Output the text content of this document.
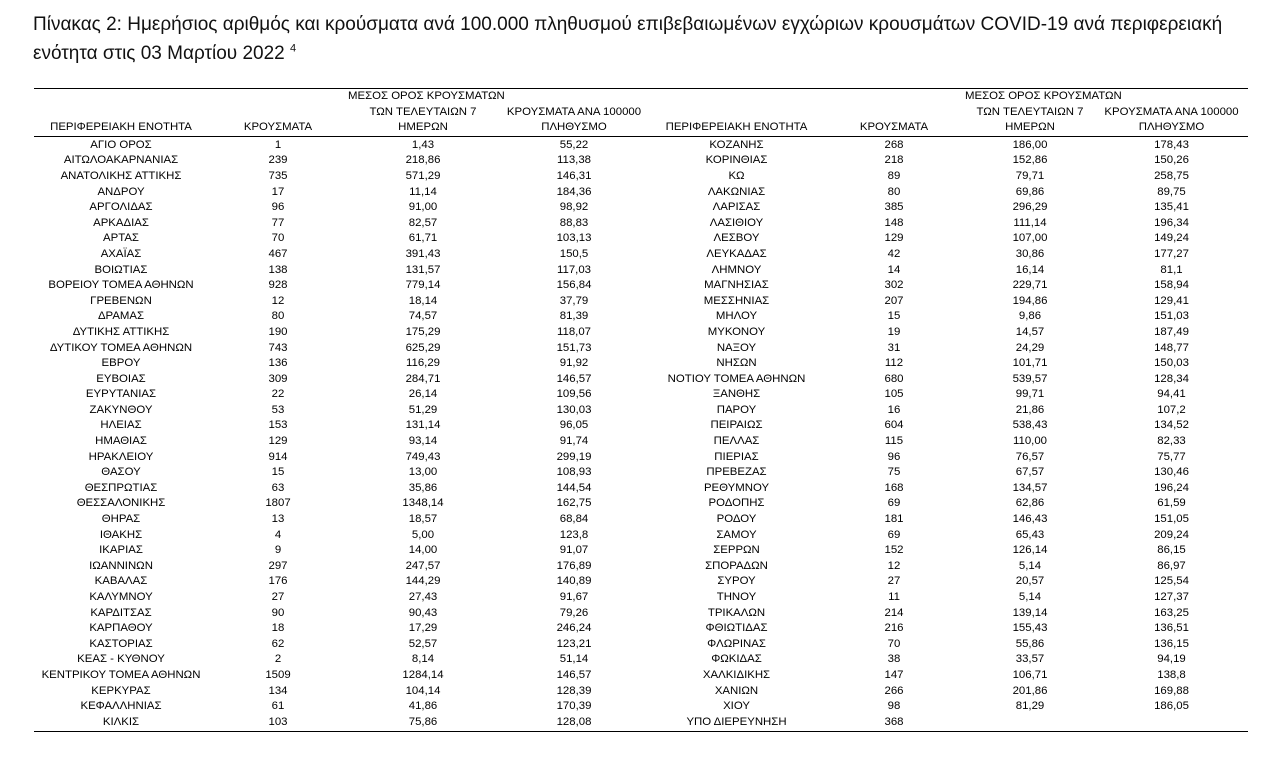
Πίνακας 2: Ημερήσιος αριθμός και κρούσματα ανά 100.000 πληθυσμού επιβεβαιωμένων εγχώριων κρουσμάτων COVID-19 ανά περιφερειακή ενότητα στις 03 Μαρτίου 2022 $^4$
		ΜΕΣΟΣ ΟΡΟΣ ΚΡΟΥΣΜΑΤΩΝ	
		ΤΩΝ ΤΕΛΕΥΤΑΙΩΝ 7	ΚΡΟΥΣΜΑΤΑ ΑΝΑ 100000
ΠΕΡΙΦΕΡΕΙΑΚΗ ΕΝΟΤΗΤΑ	ΚΡΟΥΣΜΑΤΑ	ΗΜΕΡΩΝ	ΠΛΗΘΥΣΜΟ
ΑΓΙΟ ΟΡΟΣ	1	1,43	55,22
ΑΙΤΩΛΟΑΚΑΡΝΑΝΙΑΣ	239	218,86	113,38
ΑΝΑΤΟΛΙΚΗΣ ΑΤΤΙΚΗΣ	735	571,29	146,31
ΑΝΔΡΟΥ	17	11,14	184,36
ΑΡΓΟΛΙΔΑΣ	96	91,00	98,92
ΑΡΚΑΔΙΑΣ	77	82,57	88,83
ΑΡΤΑΣ	70	61,71	103,13
ΑΧΑΪΑΣ	467	391,43	150,5
ΒΟΙΩΤΙΑΣ	138	131,57	117,03
ΒΟΡΕΙΟΥ ΤΟΜΕΑ ΑΘΗΝΩΝ	928	779,14	156,84
ΓΡΕΒΕΝΩΝ	12	18,14	37,79
ΔΡΑΜΑΣ	80	74,57	81,39
ΔΥΤΙΚΗΣ ΑΤΤΙΚΗΣ	190	175,29	118,07
ΔΥΤΙΚΟΥ ΤΟΜΕΑ ΑΘΗΝΩΝ	743	625,29	151,73
ΕΒΡΟΥ	136	116,29	91,92
ΕΥΒΟΙΑΣ	309	284,71	146,57
ΕΥΡΥΤΑΝΙΑΣ	22	26,14	109,56
ΖΑΚΥΝΘΟΥ	53	51,29	130,03
ΗΛΕΙΑΣ	153	131,14	96,05
ΗΜΑΘΙΑΣ	129	93,14	91,74
ΗΡΑΚΛΕΙΟΥ	914	749,43	299,19
ΘΑΣΟΥ	15	13,00	108,93
ΘΕΣΠΡΩΤΙΑΣ	63	35,86	144,54
ΘΕΣΣΑΛΟΝΙΚΗΣ	1807	1348,14	162,75
ΘΗΡΑΣ	13	18,57	68,84
ΙΘΑΚΗΣ	4	5,00	123,8
ΙΚΑΡΙΑΣ	9	14,00	91,07
ΙΩΑΝΝΙΝΩΝ	297	247,57	176,89
ΚΑΒΑΛΑΣ	176	144,29	140,89
ΚΑΛΥΜΝΟΥ	27	27,43	91,67
ΚΑΡΔΙΤΣΑΣ	90	90,43	79,26
ΚΑΡΠΑΘΟΥ	18	17,29	246,24
ΚΑΣΤΟΡΙΑΣ	62	52,57	123,21
ΚΕΑΣ - ΚΥΘΝΟΥ	2	8,14	51,14
ΚΕΝΤΡΙΚΟΥ ΤΟΜΕΑ ΑΘΗΝΩΝ	1509	1284,14	146,57
ΚΕΡΚΥΡΑΣ	134	104,14	128,39
ΚΕΦΑΛΛΗΝΙΑΣ	61	41,86	170,39
ΚΙΛΚΙΣ	103	75,86	128,08
		ΜΕΣΟΣ ΟΡΟΣ ΚΡΟΥΣΜΑΤΩΝ	
		ΤΩΝ ΤΕΛΕΥΤΑΙΩΝ 7	ΚΡΟΥΣΜΑΤΑ ΑΝΑ 100000
ΠΕΡΙΦΕΡΕΙΑΚΗ ΕΝΟΤΗΤΑ	ΚΡΟΥΣΜΑΤΑ	ΗΜΕΡΩΝ	ΠΛΗΘΥΣΜΟ
ΚΟΖΑΝΗΣ	268	186,00	178,43
ΚΟΡΙΝΘΙΑΣ	218	152,86	150,26
ΚΩ	89	79,71	258,75
ΛΑΚΩΝΙΑΣ	80	69,86	89,75
ΛΑΡΙΣΑΣ	385	296,29	135,41
ΛΑΣΙΘΙΟΥ	148	111,14	196,34
ΛΕΣΒΟΥ	129	107,00	149,24
ΛΕΥΚΑΔΑΣ	42	30,86	177,27
ΛΗΜΝΟΥ	14	16,14	81,1
ΜΑΓΝΗΣΙΑΣ	302	229,71	158,94
ΜΕΣΣΗΝΙΑΣ	207	194,86	129,41
ΜΗΛΟΥ	15	9,86	151,03
ΜΥΚΟΝΟΥ	19	14,57	187,49
ΝΑΞΟΥ	31	24,29	148,77
ΝΗΣΩΝ	112	101,71	150,03
ΝΟΤΙΟΥ ΤΟΜΕΑ ΑΘΗΝΩΝ	680	539,57	128,34
ΞΑΝΘΗΣ	105	99,71	94,41
ΠΑΡΟΥ	16	21,86	107,2
ΠΕΙΡΑΙΩΣ	604	538,43	134,52
ΠΕΛΛΑΣ	115	110,00	82,33
ΠΙΕΡΙΑΣ	96	76,57	75,77
ΠΡΕΒΕΖΑΣ	75	67,57	130,46
ΡΕΘΥΜΝΟΥ	168	134,57	196,24
ΡΟΔΟΠΗΣ	69	62,86	61,59
ΡΟΔΟΥ	181	146,43	151,05
ΣΑΜΟΥ	69	65,43	209,24
ΣΕΡΡΩΝ	152	126,14	86,15
ΣΠΟΡΑΔΩΝ	12	5,14	86,97
ΣΥΡΟΥ	27	20,57	125,54
ΤΗΝΟΥ	11	5,14	127,37
ΤΡΙΚΑΛΩΝ	214	139,14	163,25
ΦΘΙΩΤΙΔΑΣ	216	155,43	136,51
ΦΛΩΡΙΝΑΣ	70	55,86	136,15
ΦΩΚΙΔΑΣ	38	33,57	94,19
ΧΑΛΚΙΔΙΚΗΣ	147	106,71	138,8
ΧΑΝΙΩΝ	266	201,86	169,88
ΧΙΟΥ	98	81,29	186,05
ΥΠΟ ΔΙΕΡΕΥΝΗΣΗ	368		
